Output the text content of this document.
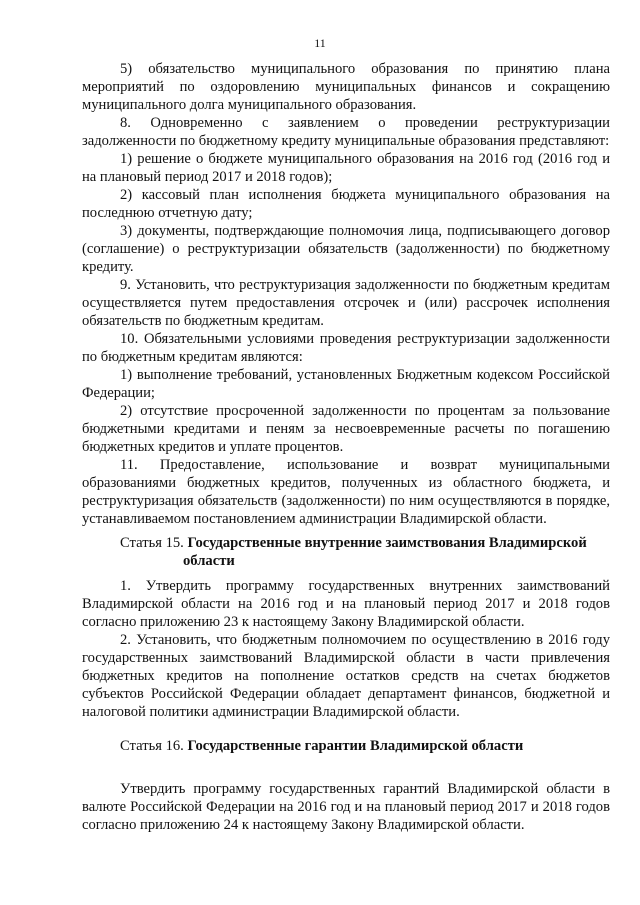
11

5) обязательство муниципального образования по принятию плана мероприятий по оздоровлению муниципальных финансов и сокращению муниципального долга муниципального образования.

8. Одновременно с заявлением о проведении реструктуризации задолженности по бюджетному кредиту муниципальные образования представляют:

1) решение о бюджете муниципального образования на 2016 год (2016 год и на плановый период 2017 и 2018 годов);

2) кассовый план исполнения бюджета муниципального образования на последнюю отчетную дату;

3) документы, подтверждающие полномочия лица, подписывающего договор (соглашение) о реструктуризации обязательств (задолженности) по бюджетному кредиту.

9. Установить, что реструктуризация задолженности по бюджетным кредитам осуществляется путем предоставления отсрочек и (или) рассрочек исполнения обязательств по бюджетным кредитам.

10. Обязательными условиями проведения реструктуризации задолженности по бюджетным кредитам являются:

1) выполнение требований, установленных Бюджетным кодексом Российской Федерации;

2) отсутствие просроченной задолженности по процентам за пользование бюджетными кредитами и пеням за несвоевременные расчеты по погашению бюджетных кредитов и уплате процентов.

11. Предоставление, использование и возврат муниципальными образованиями бюджетных кредитов, полученных из областного бюджета, и реструктуризация обязательств (задолженности) по ним осуществляются в порядке, устанавливаемом постановлением администрации Владимирской области.

Статья 15. Государственные внутренние заимствования Владимирской
области

1. Утвердить программу государственных внутренних заимствований Владимирской области на 2016 год и на плановый период 2017 и 2018 годов согласно приложению 23 к настоящему Закону Владимирской области.

2. Установить, что бюджетным полномочием по осуществлению в 2016 году государственных заимствований Владимирской области в части привлечения бюджетных кредитов на пополнение остатков средств на счетах бюджетов субъектов Российской Федерации обладает департамент финансов, бюджетной и налоговой политики администрации Владимирской области.

Статья 16. Государственные гарантии Владимирской области

Утвердить программу государственных гарантий Владимирской области в валюте Российской Федерации на 2016 год и на плановый период 2017 и 2018 годов согласно приложению 24 к настоящему Закону Владимирской области.
